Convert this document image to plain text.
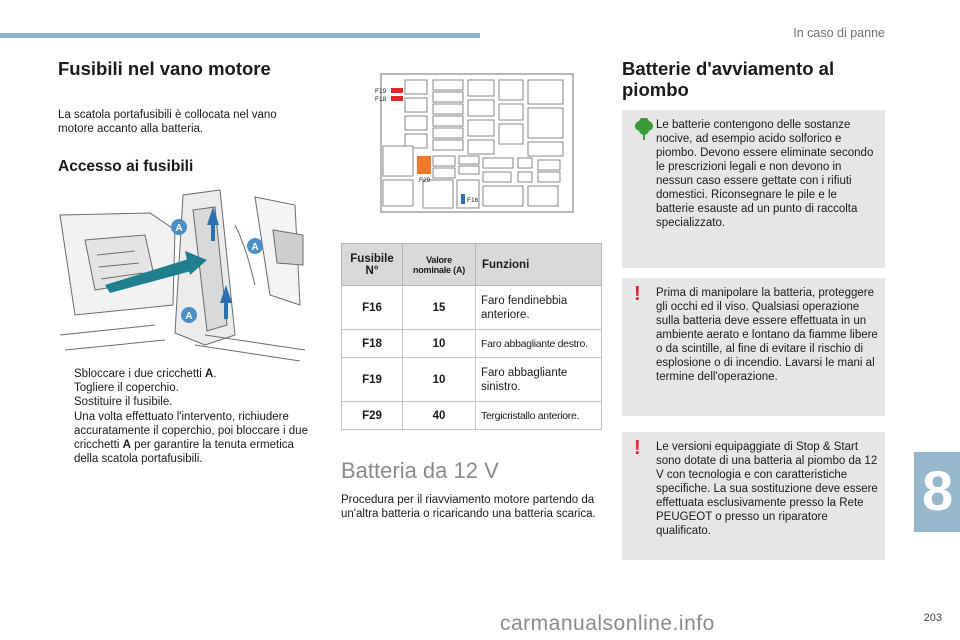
In caso di panne
Fusibili nel vano motore
La scatola portafusibili è collocata nel vano motore accanto alla batteria.
Accesso ai fusibili
A
A
A
Sbloccare i due cricchetti A.
Togliere il coperchio.
Sostituire il fusibile.
Una volta effettuato l'intervento, richiudere accuratamente il coperchio, poi bloccare i due cricchetti A per garantire la tenuta ermetica della scatola portafusibili.
F19
F18
F29
F16
Fusibile N°	Valore nominale (A)	Funzioni
F16	15	Faro fendinebbia anteriore.
F18	10	Faro abbagliante destro.
F19	10	Faro abbagliante sinistro.
F29	40	Tergicristallo anteriore.
Batteria da 12 V
Procedura per il riavviamento motore partendo da un'altra batteria o ricaricando una batteria scarica.
Batterie d'avviamento al piombo
Le batterie contengono delle sostanze nocive, ad esempio acido solforico e piombo. Devono essere eliminate secondo le prescrizioni legali e non devono in nessun caso essere gettate con i rifiuti domestici. Riconsegnare le pile e le batterie esauste ad un punto di raccolta specializzato.
! Prima di manipolare la batteria, proteggere gli occhi ed il viso. Qualsiasi operazione sulla batteria deve essere effettuata in un ambiente aerato e lontano da fiamme libere o da scintille, al fine di evitare il rischio di esplosione o di incendio. Lavarsi le mani al termine dell'operazione.
! Le versioni equipaggiate di Stop & Start sono dotate di una batteria al piombo da 12 V con tecnologia e con caratteristiche specifiche. La sua sostituzione deve essere effettuata esclusivamente presso la Rete PEUGEOT o presso un riparatore qualificato.
8
carmanualsonline.info	203
